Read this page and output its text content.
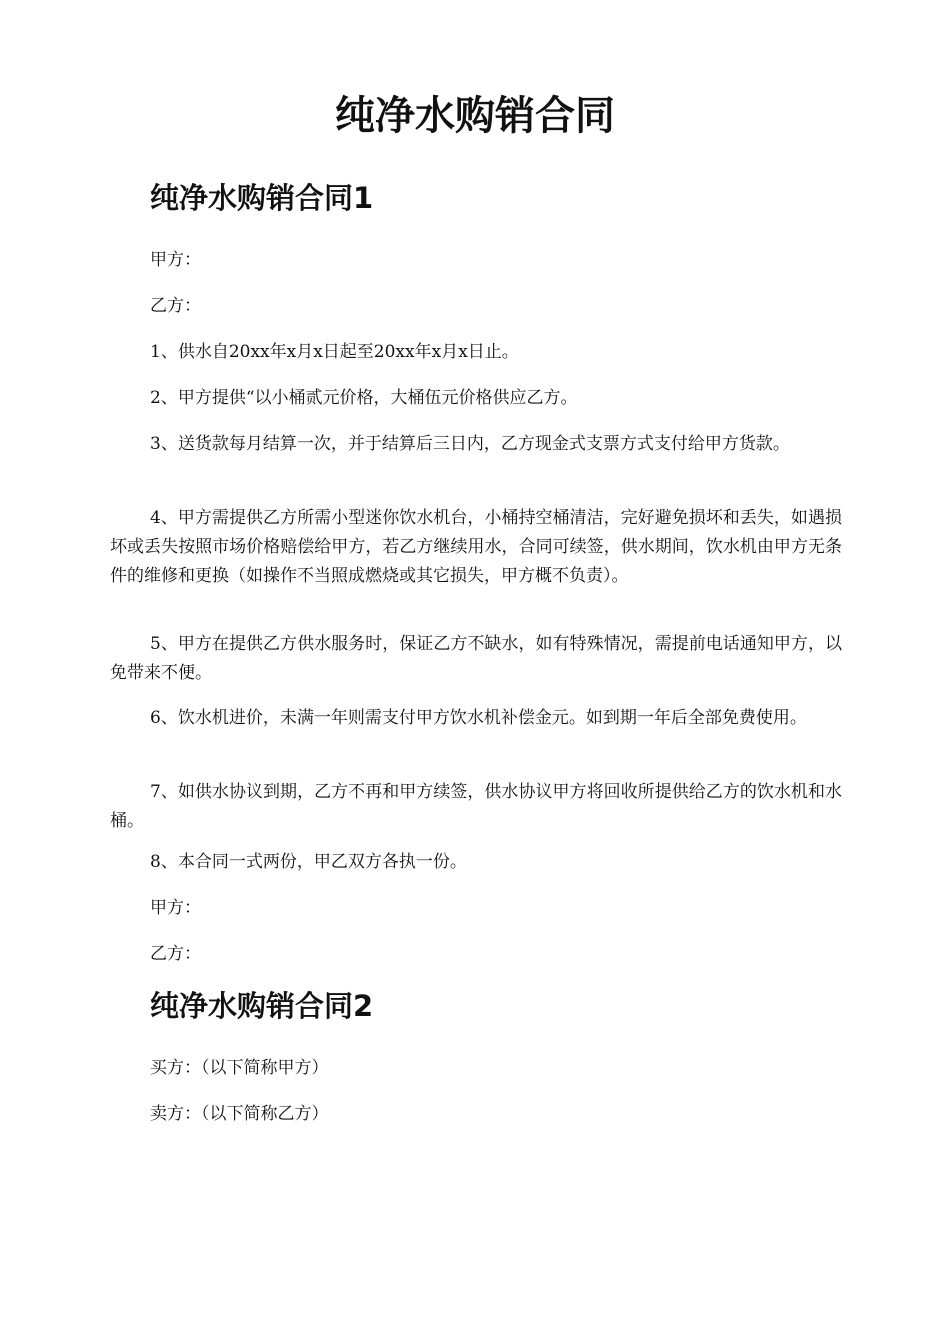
纯净水购销合同
纯净水购销合同1

甲方：

乙方：

1、供水自20xx年x月x日起至20xx年x月x日止。

2、甲方提供“以小桶贰元价格，大桶伍元价格供应乙方。

3、送货款每月结算一次，并于结算后三日内，乙方现金式支票方式支付给甲方货款。

4、甲方需提供乙方所需小型迷你饮水机台，小桶持空桶清洁，完好避免损坏和丢失，如遇损坏或丢失按照市场价格赔偿给甲方，若乙方继续用水，合同可续签，供水期间，饮水机由甲方无条件的维修和更换（如操作不当照成燃烧或其它损失，甲方概不负责）。

5、甲方在提供乙方供水服务时，保证乙方不缺水，如有特殊情况，需提前电话通知甲方，以免带来不便。

6、饮水机进价，未满一年则需支付甲方饮水机补偿金元。如到期一年后全部免费使用。

7、如供水协议到期，乙方不再和甲方续签，供水协议甲方将回收所提供给乙方的饮水机和水桶。

8、本合同一式两份，甲乙双方各执一份。

甲方：

乙方：

纯净水购销合同2

买方：（以下简称甲方）

卖方：（以下简称乙方）
